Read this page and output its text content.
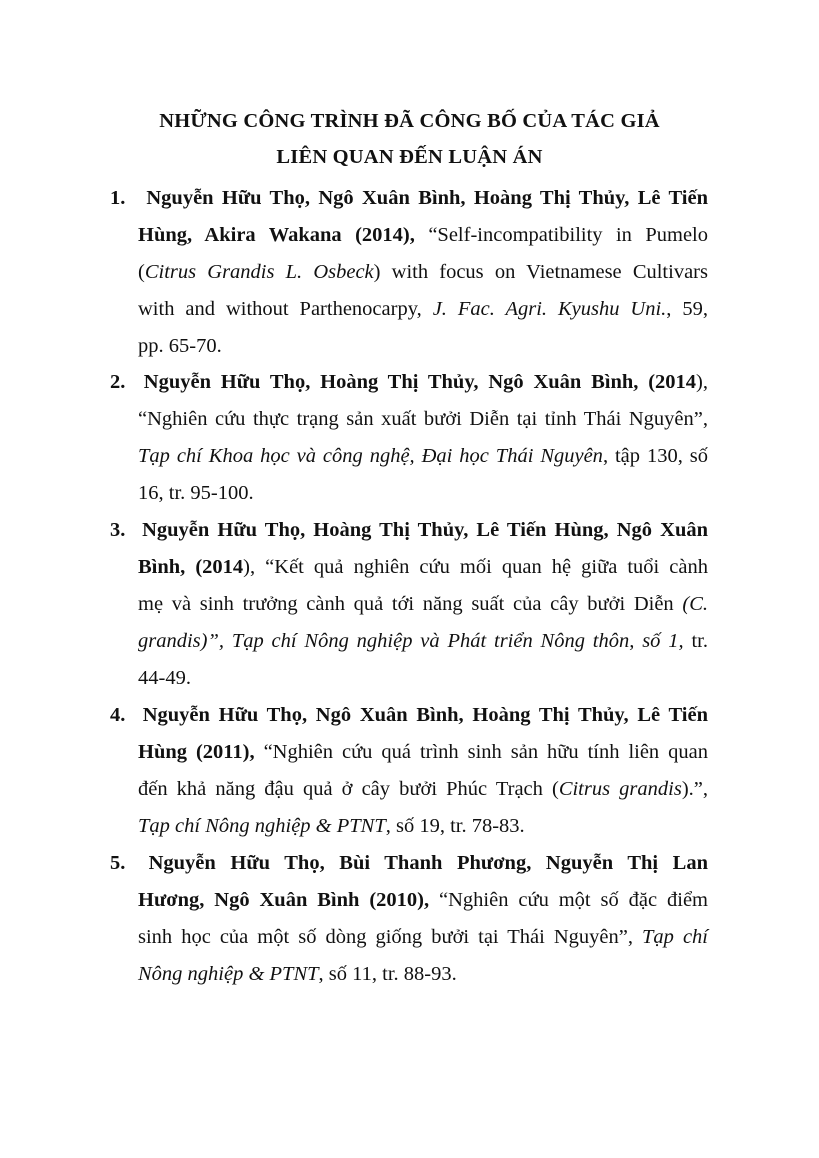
NHỮNG CÔNG TRÌNH ĐÃ CÔNG BỐ CỦA TÁC GIẢ
LIÊN QUAN ĐẾN LUẬN ÁN
1. Nguyễn Hữu Thọ, Ngô Xuân Bình, Hoàng Thị Thủy, Lê Tiến
Hùng, Akira Wakana (2014), “Self-incompatibility in Pumelo
(Citrus Grandis L. Osbeck) with focus on Vietnamese Cultivars
with and without Parthenocarpy, J. Fac. Agri. Kyushu Uni., 59,
pp. 65-70.
2. Nguyễn Hữu Thọ, Hoàng Thị Thủy, Ngô Xuân Bình, (2014),
“Nghiên cứu thực trạng sản xuất bưởi Diễn tại tỉnh Thái Nguyên”,
Tạp chí Khoa học và công nghệ, Đại học Thái Nguyên, tập 130, số
16, tr. 95-100.
3. Nguyễn Hữu Thọ, Hoàng Thị Thủy, Lê Tiến Hùng, Ngô Xuân
Bình, (2014), “Kết quả nghiên cứu mối quan hệ giữa tuổi cành
mẹ và sinh trưởng cành quả tới năng suất của cây bưởi Diễn (C.
grandis)”, Tạp chí Nông nghiệp và Phát triển Nông thôn, số 1, tr.
44-49.
4. Nguyễn Hữu Thọ, Ngô Xuân Bình, Hoàng Thị Thủy, Lê Tiến
Hùng (2011), “Nghiên cứu quá trình sinh sản hữu tính liên quan
đến khả năng đậu quả ở cây bưởi Phúc Trạch (Citrus grandis).”,
Tạp chí Nông nghiệp & PTNT, số 19, tr. 78-83.
5. Nguyễn Hữu Thọ, Bùi Thanh Phương, Nguyễn Thị Lan
Hương, Ngô Xuân Bình (2010), “Nghiên cứu một số đặc điểm
sinh học của một số dòng giống bưởi tại Thái Nguyên”, Tạp chí
Nông nghiệp & PTNT, số 11, tr. 88-93.
